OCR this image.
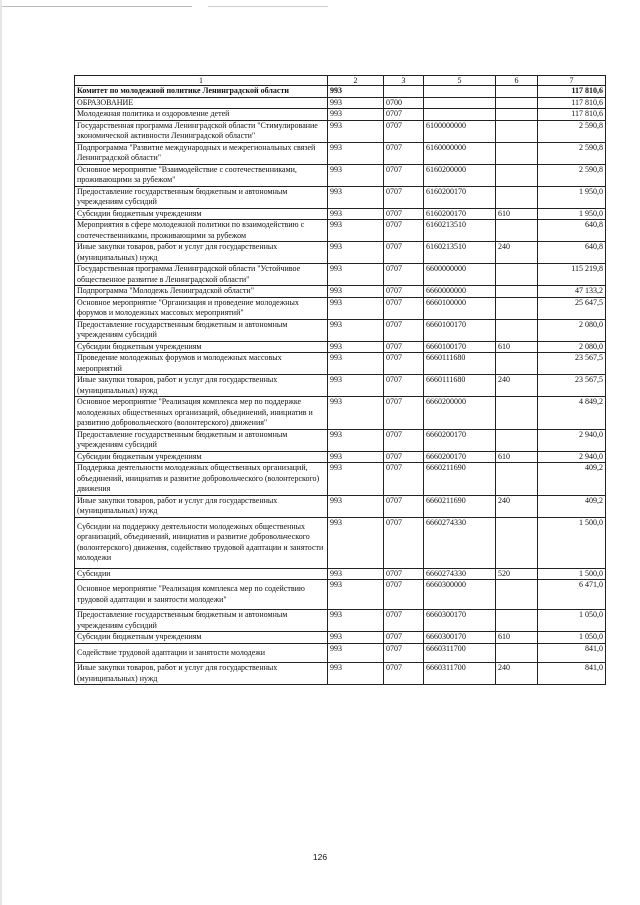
1	2	3	5	6	7
Комитет по молодежной политике Ленинградской области	993				117 810,6
ОБРАЗОВАНИЕ	993	0700			117 810,6
Молодежная политика и оздоровление детей	993	0707			117 810,6
Государственная программа Ленинградской области "Стимулирование экономической активности Ленинградской области"	993	0707	6100000000		2 590,8
Подпрограмма "Развитие международных и межрегиональных связей Ленинградской области"	993	0707	6160000000		2 590,8
Основное мероприятие "Взаимодействие с соотечественниками, проживающими за рубежом"	993	0707	6160200000		2 590,8
Предоставление государственным бюджетным и автономным учреждениям субсидий	993	0707	6160200170		1 950,0
Субсидии бюджетным учреждениям	993	0707	6160200170	610	1 950,0
Мероприятия в сфере молодежной политики по взаимодействию с соотечественниками, проживающими за рубежом	993	0707	6160213510		640,8
Иные закупки товаров, работ и услуг для государственных (муниципальных) нужд	993	0707	6160213510	240	640,8
Государственная программа Ленинградской области "Устойчивое общественное развитие в Ленинградской области"	993	0707	6600000000		115 219,8
Подпрограмма "Молодежь Ленинградской области"	993	0707	6660000000		47 133,2
Основное мероприятие "Организация и проведение молодежных форумов и молодежных массовых мероприятий"	993	0707	6660100000		25 647,5
Предоставление государственным бюджетным и автономным учреждениям субсидий	993	0707	6660100170		2 080,0
Субсидии бюджетным учреждениям	993	0707	6660100170	610	2 080,0
Проведение молодежных форумов и молодежных массовых мероприятий	993	0707	6660111680		23 567,5
Иные закупки товаров, работ и услуг для государственных (муниципальных) нужд	993	0707	6660111680	240	23 567,5
Основное мероприятие "Реализация комплекса мер по поддержке молодежных общественных организаций, объединений, инициатив и развитию добровольческого (волонтерского) движения"	993	0707	6660200000		4 849,2
Предоставление государственным бюджетным и автономным учреждениям субсидий	993	0707	6660200170		2 940,0
Субсидии бюджетным учреждениям	993	0707	6660200170	610	2 940,0
Поддержка деятельности молодежных общественных организаций, объединений, инициатив и развитие добровольческого (волонтерского) движения	993	0707	6660211690		409,2
Иные закупки товаров, работ и услуг для государственных (муниципальных) нужд	993	0707	6660211690	240	409,2
Субсидии на поддержку деятельности молодежных общественных организаций, объединений, инициатив и развитие добровольческого (волонтерского) движения, содействию трудовой адаптации и занятости молодежи	993	0707	6660274330		1 500,0
Субсидии	993	0707	6660274330	520	1 500,0
Основное мероприятие "Реализация комплекса мер по содействию трудовой адаптации и занятости молодежи"	993	0707	6660300000		6 471,0
Предоставление государственным бюджетным и автономным учреждениям субсидий	993	0707	6660300170		1 050,0
Субсидии бюджетным учреждениям	993	0707	6660300170	610	1 050,0
Содействие трудовой адаптации и занятости молодежи	993	0707	6660311700		841,0
Иные закупки товаров, работ и услуг для государственных (муниципальных) нужд	993	0707	6660311700	240	841,0
126
